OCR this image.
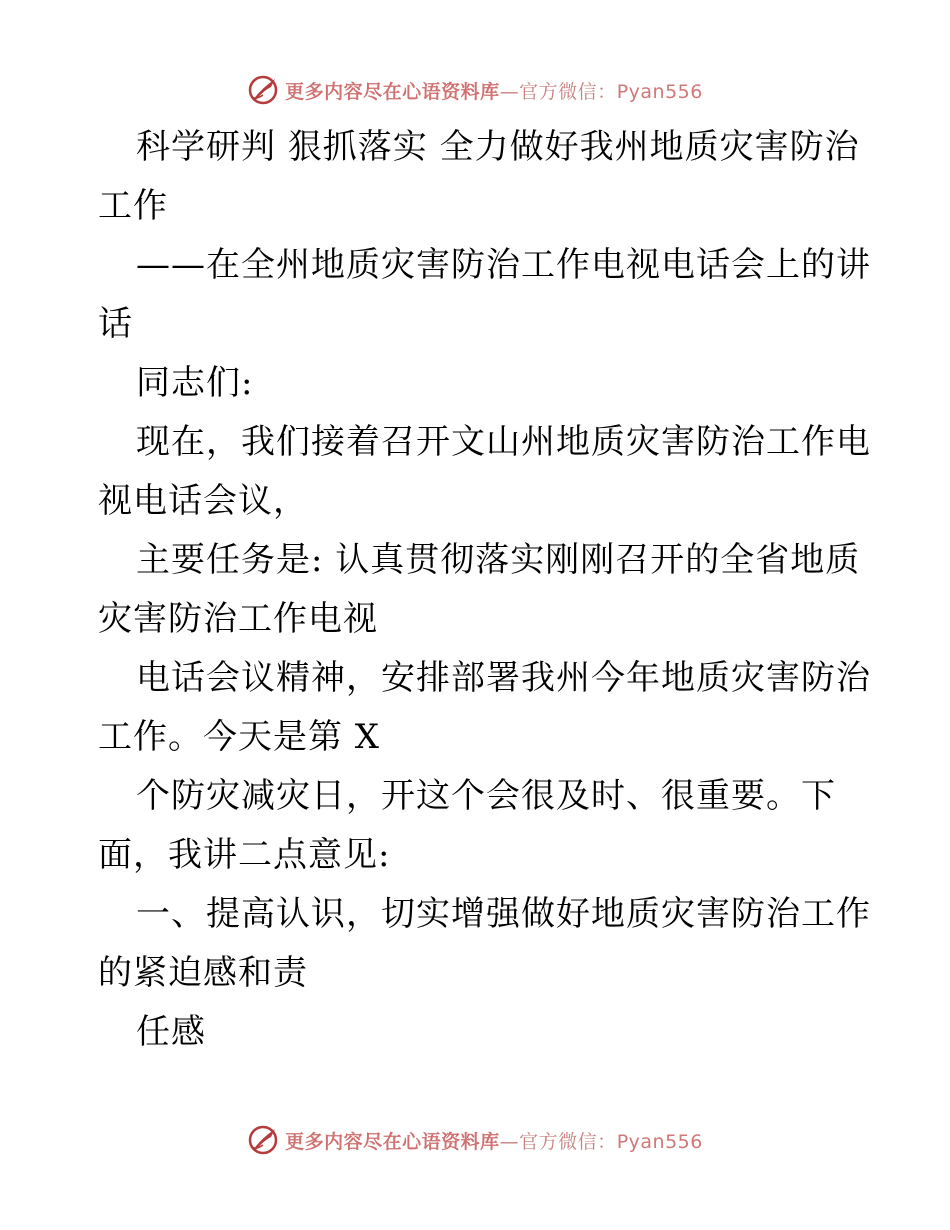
更多内容尽在心语资料库—官方微信：Pyan556
科学研判 狠抓落实 全力做好我州地质灾害防治
工作
——在全州地质灾害防治工作电视电话会上的讲
话
同志们:
现在，我们接着召开文山州地质灾害防治工作电
视电话会议，
主要任务是: 认真贯彻落实刚刚召开的全省地质
灾害防治工作电视
电话会议精神，安排部署我州今年地质灾害防治
工作。今天是第 X
个防灾减灾日，开这个会很及时、很重要。下
面，我讲二点意见:
一、提高认识，切实增强做好地质灾害防治工作
的紧迫感和责
任感
更多内容尽在心语资料库—官方微信：Pyan556
